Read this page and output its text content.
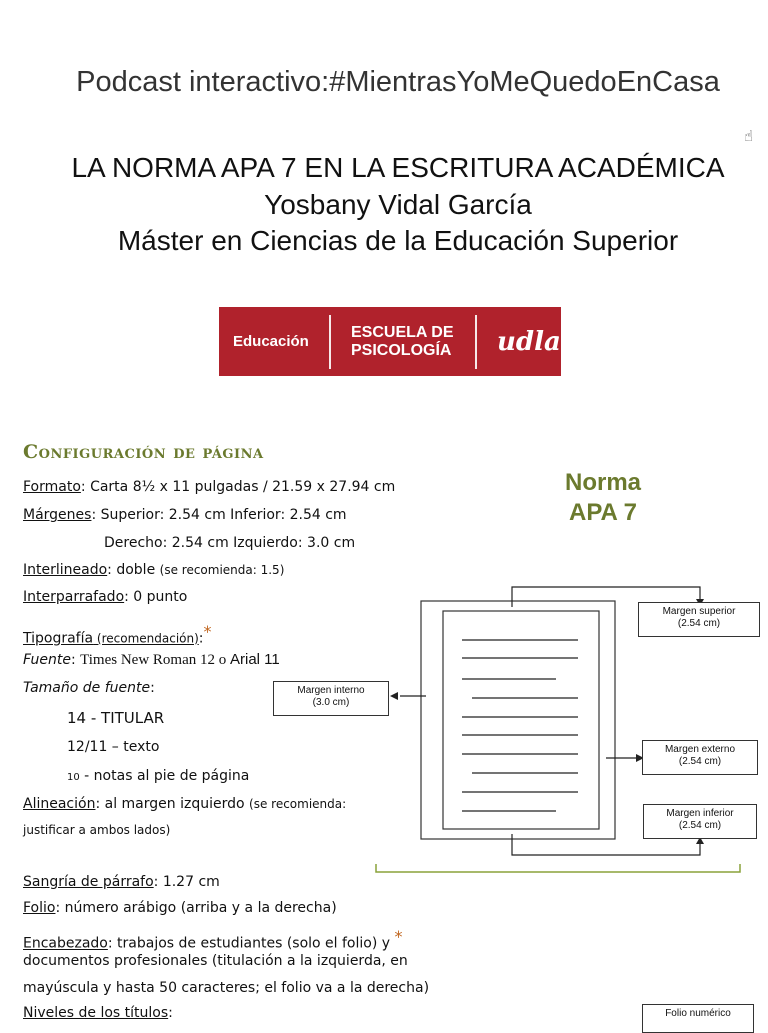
Podcast interactivo:#MientrasYoMeQuedoEnCasa
☝
LA NORMA APA 7 EN LA ESCRITURA ACADÉMICA
Yosbany Vidal García
Máster en Ciencias de la Educación Superior
Educación
ESCUELA DE
PSICOLOGÍA	udla
Configuración de página
Norma
APA 7
Formato: Carta 8½ x 11 pulgadas / 21.59 x 27.94 cm
Márgenes: Superior: 2.54 cm Inferior: 2.54 cm
Derecho: 2.54 cm Izquierdo: 3.0 cm
Interlineado: doble (se recomienda: 1.5)
Interparrafado: 0 punto
Tipografía (recomendación):*
Fuente: Times New Roman 12 o Arial 11
Tamaño de fuente:
14 - TITULAR
12/11 – texto
10 - notas al pie de página
Alineación: al margen izquierdo (se recomienda:
justificar a ambos lados)
Sangría de párrafo: 1.27 cm
Folio: número arábigo (arriba y a la derecha)
Encabezado: trabajos de estudiantes (solo el folio) y *
documentos profesionales (titulación a la izquierda, en
mayúscula y hasta 50 caracteres; el folio va a la derecha)
Niveles de los títulos:
Margen superior
(2.54 cm)
Margen interno
(3.0 cm)
Margen externo
(2.54 cm)
Margen inferior
(2.54 cm)
Folio numérico
